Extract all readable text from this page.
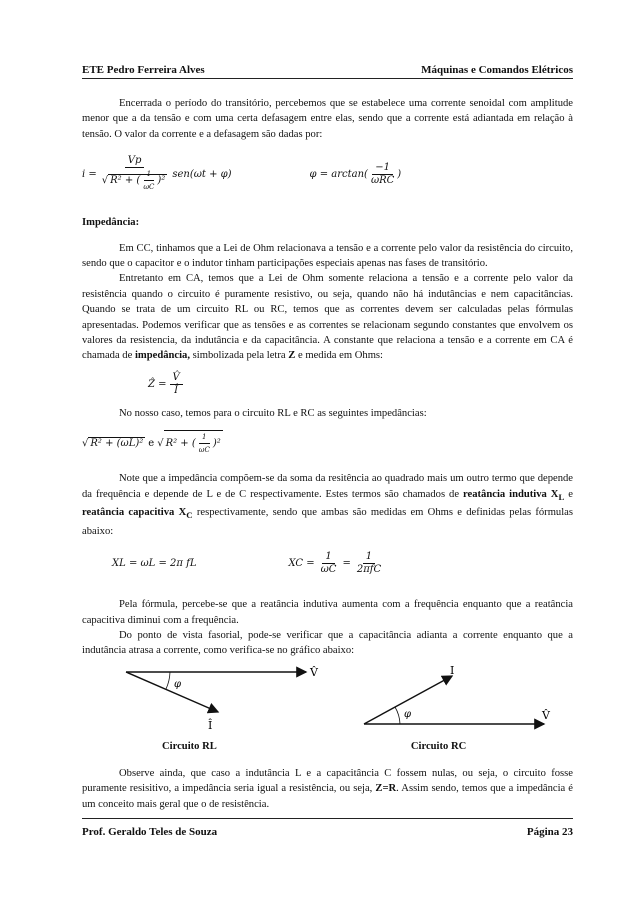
ETE Pedro Ferreira Alves	Máquinas e Comandos Elétricos

Encerrada o período do transitório, percebemos que se estabelece uma corrente senoidal com amplitude menor que a da tensão e com uma certa defasagem entre elas, sendo que a corrente está adiantada em relação à tensão. O valor da corrente e a defasagem são dadas por:

$i = \frac{Vp}{√ R^2 + ( \frac{1}{\omega C} )^2} sen(\omega t + \varphi)$	$\varphi = \arctan( \frac{-1}{\text{ωRC}}$ )

Impedância:

Em CC, tinhamos que a Lei de Ohm relacionava a tensão e a corrente pelo valor da resistência do circuito, sendo que o capacitor e o indutor tinham participações especiais apenas nas fases de transitório.

Entretanto em CA, temos que a Lei de Ohm somente relaciona a tensão e a corrente pelo valor da resistência quando o circuito é puramente resistivo, ou seja, quando não há indutâncias e nem capacitâncias. Quando se trata de um circuito RL ou RC, temos que as correntes devem ser calculadas pelas fórmulas apresentadas. Podemos verificar que as tensões e as correntes se relacionam segundo constantes que envolvem os valores da resistencia, da indutância e da capacitância. A constante que relaciona a tensão e a corrente em CA é chamada de impedância, simbolizada pela letra Z e medida em Ohms:

Ẑ = $\frac{V̂}{Î}$

No nosso caso, temos para o circuito RL e RC as seguintes impedâncias:

√ R² + (ωL)² e √ R² + ( $\frac{1}{\omega C} )^2$

Note que a impedância compõem-se da soma da resitência ao quadrado mais um outro termo que depende da frequência e depende de L e de C respectivamente. Estes termos são chamados de reatância indutiva $X_L$ e reatância capacitiva $X_C$ respectivamente, sendo que ambas são medidas em Ohms e definidas pelas fórmulas abaixo:

XL = ωL = 2π fL	XC = $\frac{1}{\omega C} = \frac{1}{\text{2πfC}}$

Pela fórmula, percebe-se que a reatância indutiva aumenta com a frequência enquanto que a reatância capacitiva diminui com a frequência.

Do ponto de vista fasorial, pode-se verificar que a capacitância adianta a corrente enquanto que a indutância atrasa a corrente, como verifica-se no gráfico abaixo:

V̂
Î
φ
V̂
Î
φ
Circuito RL	Circuito RC

Observe ainda, que caso a indutância L e a capacitância C fossem nulas, ou seja, o circuito fosse puramente resisitivo, a impedância seria igual a resistência, ou seja, Z=R. Assim sendo, temos que a impedância é um conceito mais geral que o de resistência.

Prof. Geraldo Teles de Souza	Página 23
